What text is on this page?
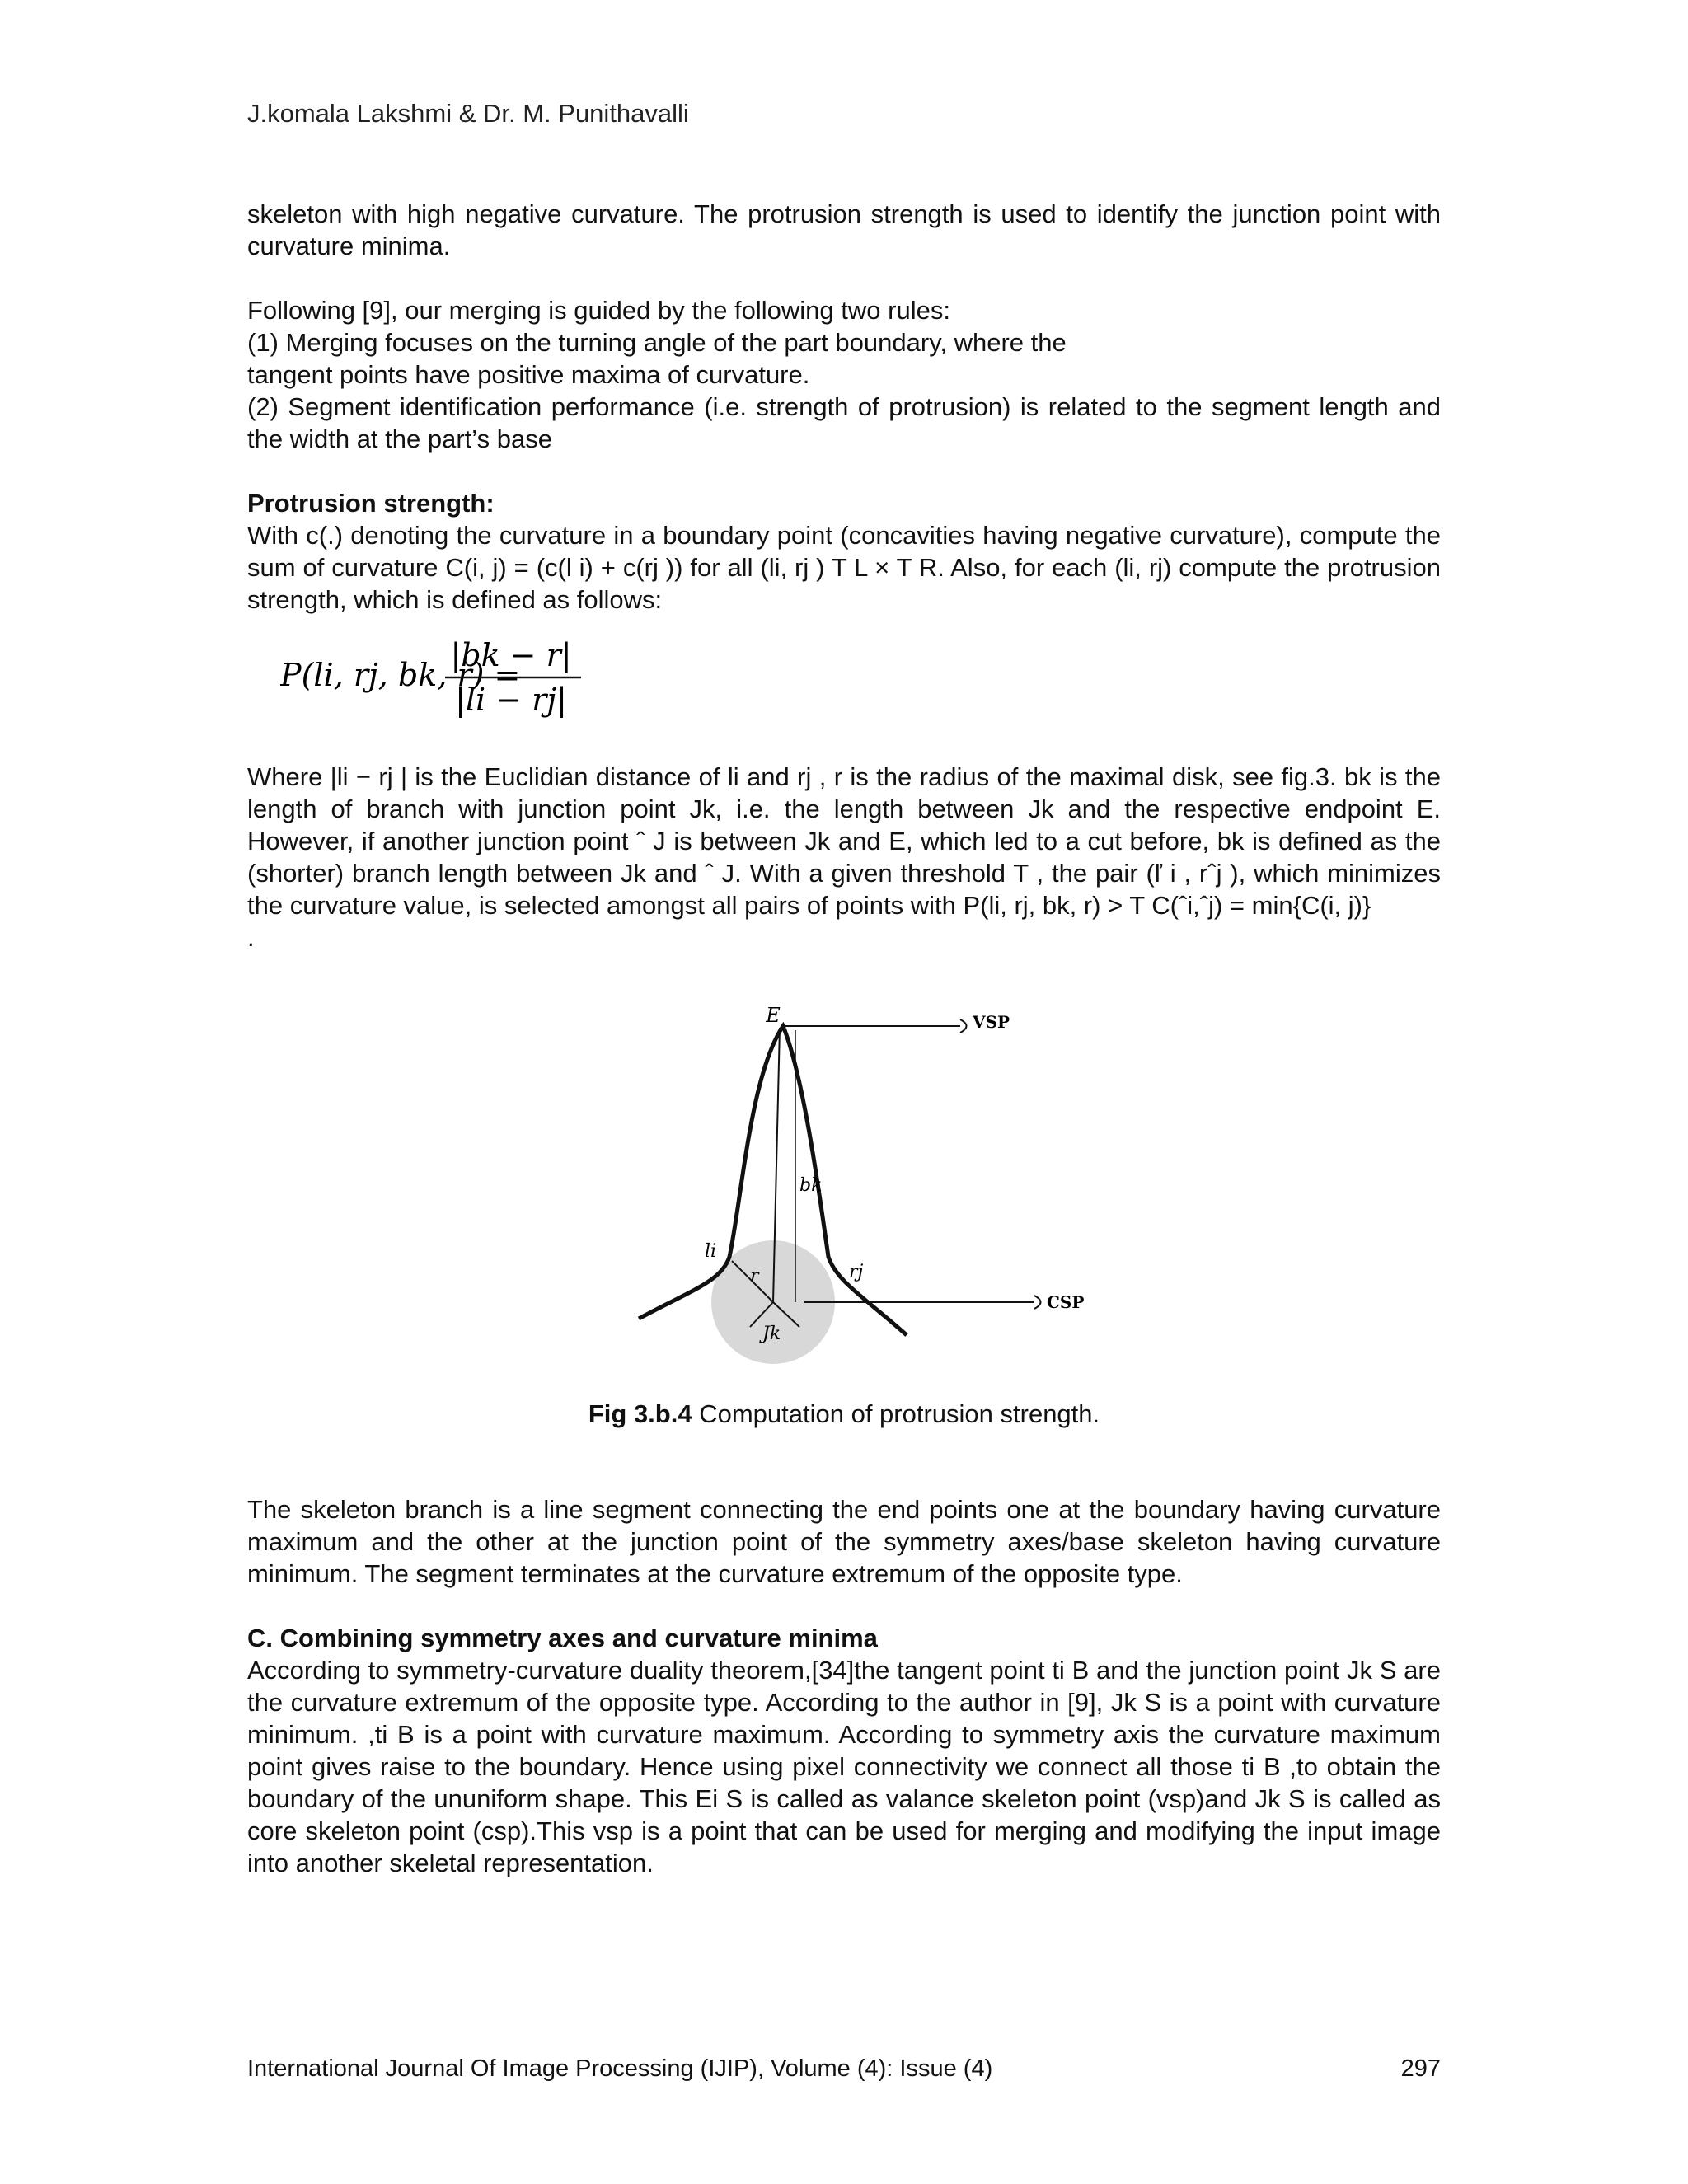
J.komala Lakshmi & Dr. M. Punithavalli

skeleton with high negative curvature. The protrusion strength is used to identify the junction point with curvature minima.

Following [9], our merging is guided by the following two rules:

(1) Merging focuses on the turning angle of the part boundary, where the

tangent points have positive maxima of curvature.

(2) Segment identification performance (i.e. strength of protrusion) is related to the segment length and the width at the part’s base

Protrusion strength:

With c(.) denoting the curvature in a boundary point (concavities having negative curvature), compute the sum of curvature C(i, j) = (c(l i) + c(rj )) for all (li, rj ) T L × T R. Also, for each (li, rj) compute the protrusion strength, which is defined as follows:

P(li, rj, bk, r) =
|bk − r|
|li − rj|

Where |li − rj | is the Euclidian distance of li and rj , r is the radius of the maximal disk, see fig.3. bk is the length of branch with junction point Jk, i.e. the length between Jk and the respective endpoint E. However, if another junction point ˆ J is between Jk and E, which led to a cut before, bk is defined as the (shorter) branch length between Jk and ˆ J. With a given threshold T , the pair (ľ i , rˆj ), which minimizes the curvature value, is selected amongst all pairs of points with P(li, rj, bk, r) > T C(ˆi,ˆj) = min{C(i, j)}

.

E	VSP
bk
li
rj
r
Jk
CSP
Fig 3.b.4 Computation of protrusion strength.

The skeleton branch is a line segment connecting the end points one at the boundary having curvature maximum and the other at the junction point of the symmetry axes/base skeleton having curvature minimum. The segment terminates at the curvature extremum of the opposite type.

C. Combining symmetry axes and curvature minima

According to symmetry-curvature duality theorem,[34]the tangent point ti B and the junction point Jk S are the curvature extremum of the opposite type. According to the author in [9], Jk S is a point with curvature minimum. ,ti B is a point with curvature maximum. According to symmetry axis the curvature maximum point gives raise to the boundary. Hence using pixel connectivity we connect all those ti B ,to obtain the boundary of the ununiform shape. This Ei S is called as valance skeleton point (vsp)and Jk S is called as core skeleton point (csp).This vsp is a point that can be used for merging and modifying the input image into another skeletal representation.

International Journal Of Image Processing (IJIP), Volume (4): Issue (4)	297
